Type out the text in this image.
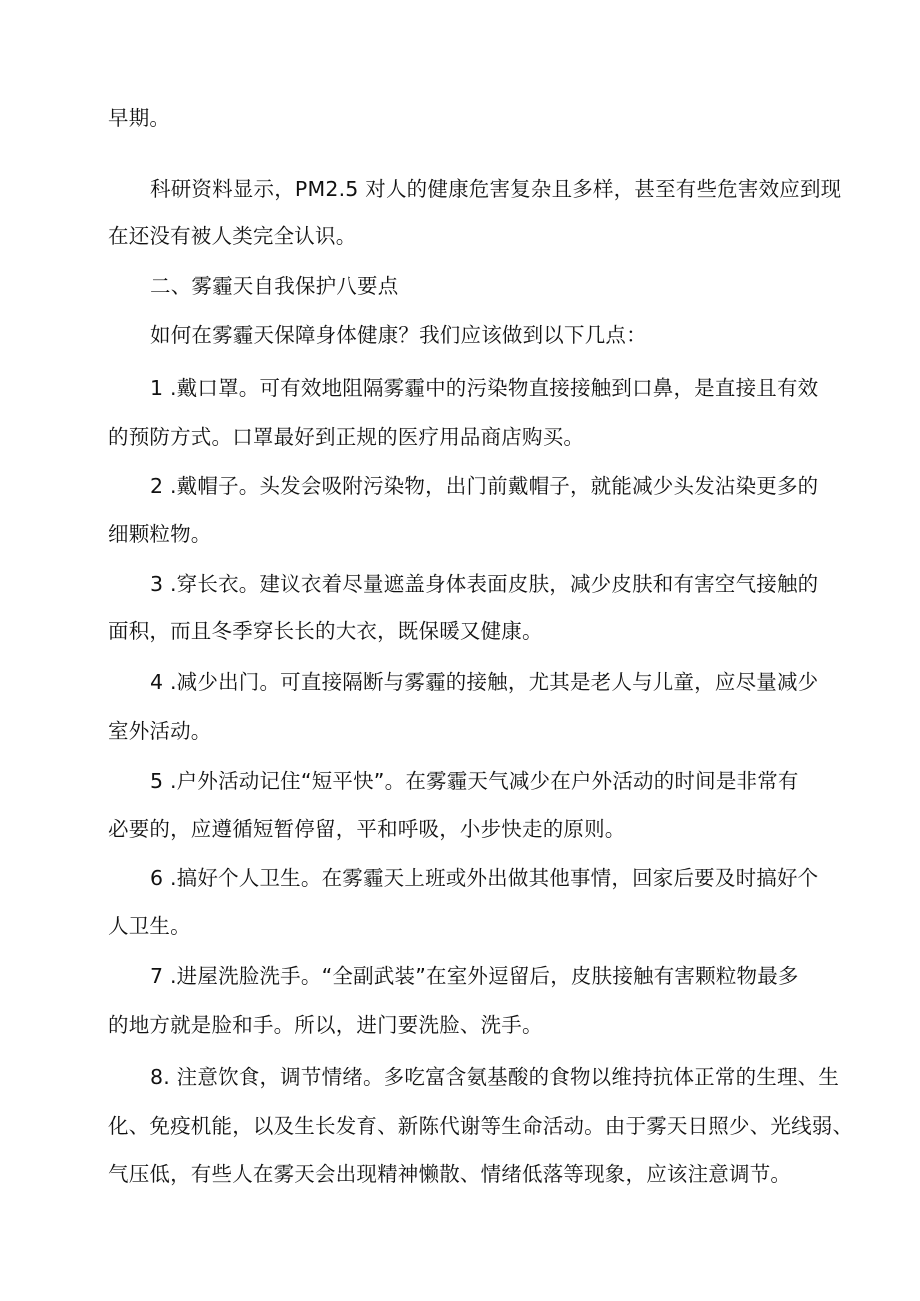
早期。
科研资料显示，PM2.5 对人的健康危害复杂且多样，甚至有些危害效应到现
在还没有被人类完全认识。
二、雾霾天自我保护八要点
如何在雾霾天保障身体健康？我们应该做到以下几点：
1 .戴口罩。可有效地阻隔雾霾中的污染物直接接触到口鼻，是直接且有效
的预防方式。口罩最好到正规的医疗用品商店购买。
2 .戴帽子。头发会吸附污染物，出门前戴帽子，就能减少头发沾染更多的
细颗粒物。
3 .穿长衣。建议衣着尽量遮盖身体表面皮肤，减少皮肤和有害空气接触的
面积，而且冬季穿长长的大衣，既保暖又健康。
4 .减少出门。可直接隔断与雾霾的接触，尤其是老人与儿童，应尽量减少
室外活动。
5 .户外活动记住“短平快”。在雾霾天气减少在户外活动的时间是非常有
必要的，应遵循短暂停留，平和呼吸，小步快走的原则。
6 .搞好个人卫生。在雾霾天上班或外出做其他事情，回家后要及时搞好个
人卫生。
7 .进屋洗脸洗手。“全副武装”在室外逗留后，皮肤接触有害颗粒物最多
的地方就是脸和手。所以，进门要洗脸、洗手。
8. 注意饮食，调节情绪。多吃富含氨基酸的食物以维持抗体正常的生理、生
化、免疫机能，以及生长发育、新陈代谢等生命活动。由于雾天日照少、光线弱、
气压低，有些人在雾天会出现精神懒散、情绪低落等现象，应该注意调节。
